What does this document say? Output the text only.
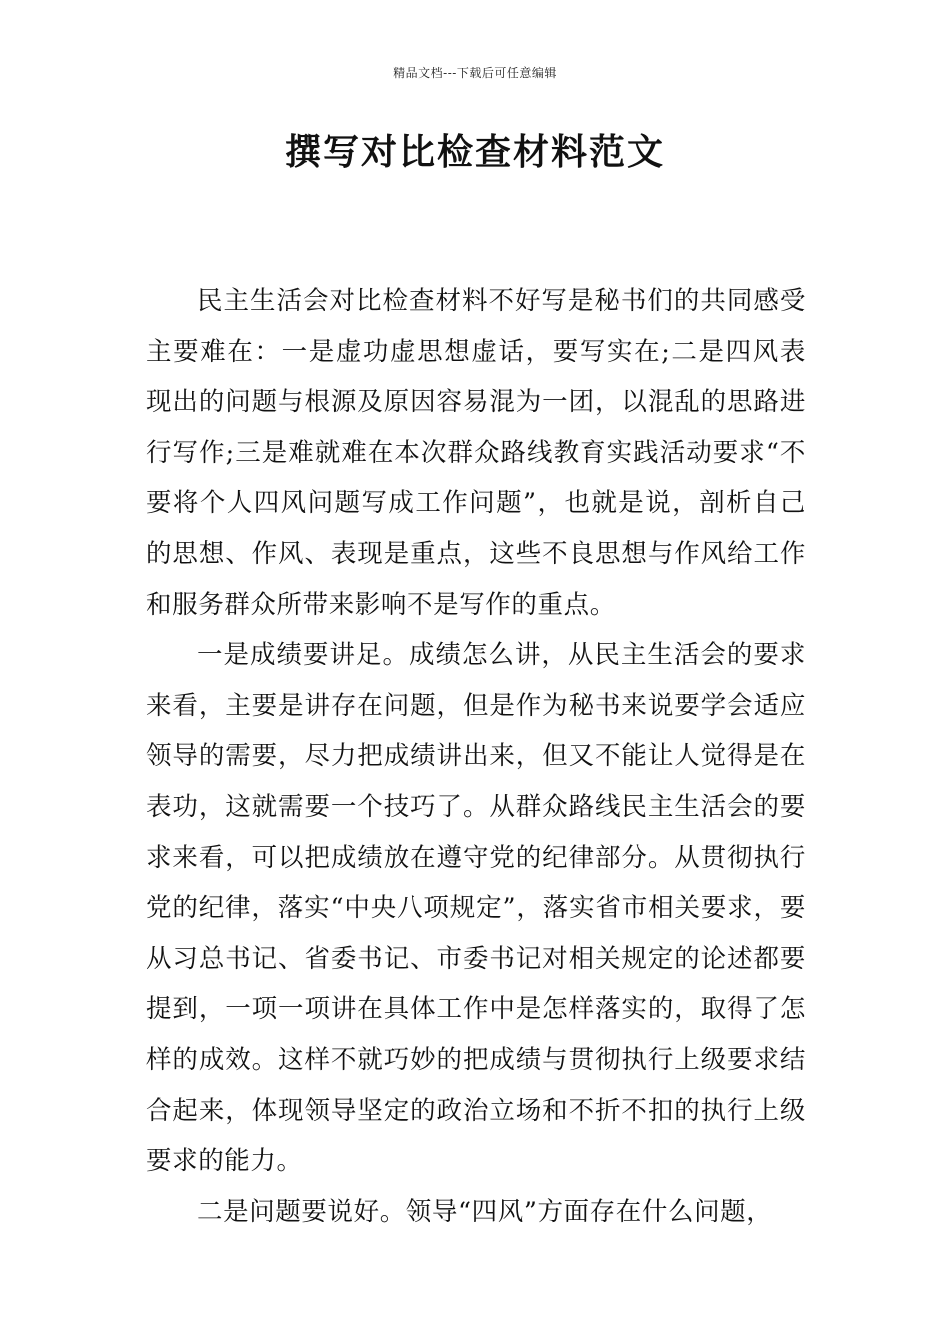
精品文档---下载后可任意编辑
撰写对比检查材料范文

民主生活会对比检查材料不好写是秘书们的共同感受主要难在：一是虚功虚思想虚话，要写实在;二是四风表现出的问题与根源及原因容易混为一团，以混乱的思路进行写作;三是难就难在本次群众路线教育实践活动要求“不要将个人四风问题写成工作问题”，也就是说，剖析自己的思想、作风、表现是重点，这些不良思想与作风给工作和服务群众所带来影响不是写作的重点。

一是成绩要讲足。成绩怎么讲，从民主生活会的要求来看，主要是讲存在问题，但是作为秘书来说要学会适应领导的需要，尽力把成绩讲出来，但又不能让人觉得是在表功，这就需要一个技巧了。从群众路线民主生活会的要求来看，可以把成绩放在遵守党的纪律部分。从贯彻执行党的纪律，落实“中央八项规定”，落实省市相关要求，要从习总书记、省委书记、市委书记对相关规定的论述都要提到，一项一项讲在具体工作中是怎样落实的，取得了怎样的成效。这样不就巧妙的把成绩与贯彻执行上级要求结合起来，体现领导坚定的政治立场和不折不扣的执行上级要求的能力。

二是问题要说好。领导“四风”方面存在什么问题，
